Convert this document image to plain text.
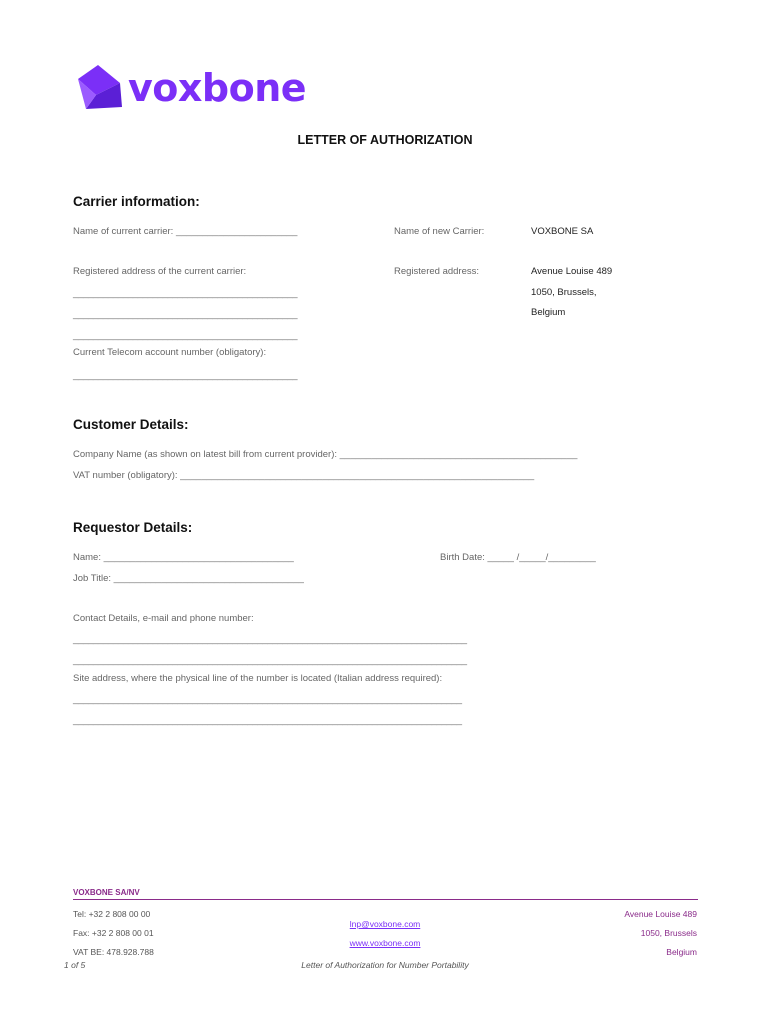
voxbone
LETTER OF AUTHORIZATION
Carrier information:
Name of current carrier: _______________________	Name of new Carrier:	VOXBONE SA
Registered address of the current carrier:	Registered address:	Avenue Louise 489
1050, Brussels,
Belgium
_____________________________________________
_____________________________________________
_____________________________________________
Current Telecom account number (obligatory):
_____________________________________________
Customer Details:
Company Name (as shown on latest bill from current provider): _____________________________________________
VAT number (obligatory): ___________________________________________________________________
Requestor Details:
Name: ____________________________________	Birth Date: _____ /_____/_________
Job Title: ____________________________________
Contact Details, e-mail and phone number:
_______________________________________________________________________________
_______________________________________________________________________________
Site address, where the physical line of the number is located (Italian address required):
______________________________________________________________________________
______________________________________________________________________________
VOXBONE SA/NV
Tel: +32 2 808 00 00
Fax: +32 2 808 00 01
VAT BE: 478.928.788
lnp@voxbone.com
www.voxbone.com
Avenue Louise 489
1050, Brussels
Belgium
1 of 5	Letter of Authorization for Number Portability
